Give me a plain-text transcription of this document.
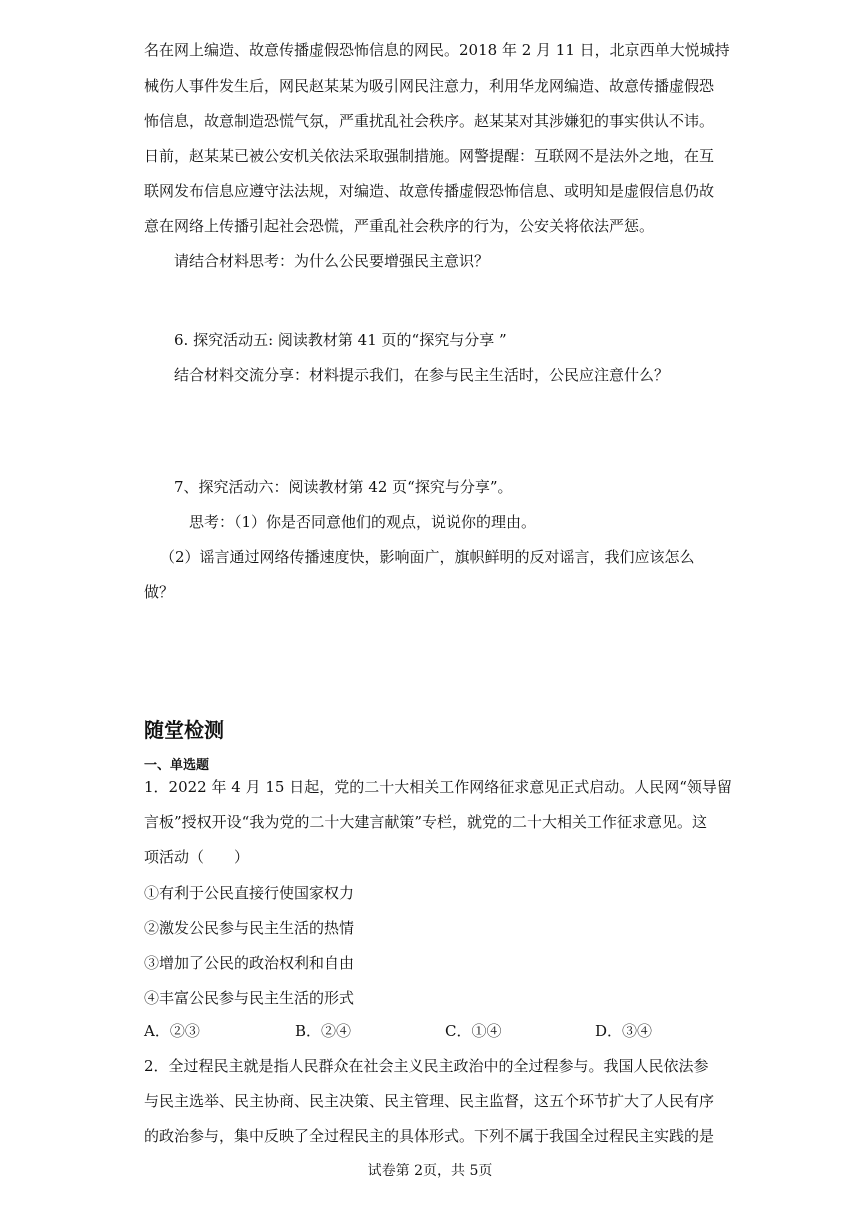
名在网上编造、故意传播虚假恐怖信息的网民。2018 年 2 月 11 日，北京西单大悦城持
械伤人事件发生后，网民赵某某为吸引网民注意力，利用华龙网编造、故意传播虚假恐
怖信息，故意制造恐慌气氛，严重扰乱社会秩序。赵某某对其涉嫌犯的事实供认不讳。
日前，赵某某已被公安机关依法采取强制措施。网警提醒：互联网不是法外之地，在互
联网发布信息应遵守法法规，对编造、故意传播虚假恐怖信息、或明知是虚假信息仍故
意在网络上传播引起社会恐慌，严重乱社会秩序的行为，公安关将依法严惩。
请结合材料思考：为什么公民要增强民主意识？
6. 探究活动五: 阅读教材第 41 页的“探究与分享 ”
结合材料交流分享：材料提示我们，在参与民主生活时，公民应注意什么？
7、探究活动六：阅读教材第 42 页“探究与分享”。
思考：（1）你是否同意他们的观点，说说你的理由。
（2）谣言通过网络传播速度快，影响面广，旗帜鲜明的反对谣言，我们应该怎么
做？
随堂检测
一、单选题
1．2022 年 4 月 15 日起，党的二十大相关工作网络征求意见正式启动。人民网“领导留
言板”授权开设“我为党的二十大建言献策”专栏，就党的二十大相关工作征求意见。这
项活动（　　）
①有利于公民直接行使国家权力
②激发公民参与民主生活的热情
③增加了公民的政治权利和自由
④丰富公民参与民主生活的形式
A．②③	B．②④	C．①④	D．③④
2．全过程民主就是指人民群众在社会主义民主政治中的全过程参与。我国人民依法参
与民主选举、民主协商、民主决策、民主管理、民主监督，这五个环节扩大了人民有序
的政治参与，集中反映了全过程民主的具体形式。下列不属于我国全过程民主实践的是
试卷第 2页，共 5页
